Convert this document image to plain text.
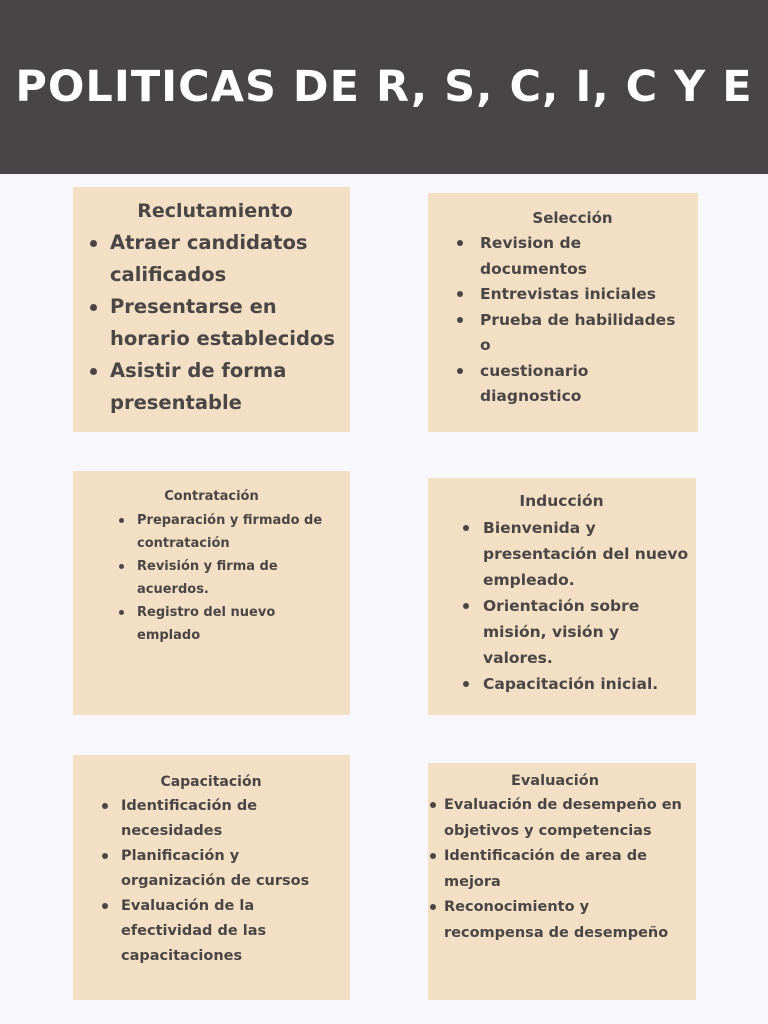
POLITICAS DE R, S, C, I, C Y E
Reclutamiento
Atraer candidatos calificados
Presentarse en horario establecidos
Asistir de forma presentable
Selección
Revision de documentos
Entrevistas iniciales
Prueba de habilidades o
cuestionario diagnostico
Contratación
Preparación y firmado de contratación
Revisión y firma de acuerdos.
Registro del nuevo emplado
Inducción
Bienvenida y presentación del nuevo empleado.
Orientación sobre misión, visión y valores.
Capacitación inicial.
Capacitación
Identificación de necesidades
Planificación y organización de cursos
Evaluación de la efectividad de las capacitaciones
Evaluación
Evaluación de desempeño en objetivos y competencias
Identificación de area de mejora
Reconocimiento y recompensa de desempeño
